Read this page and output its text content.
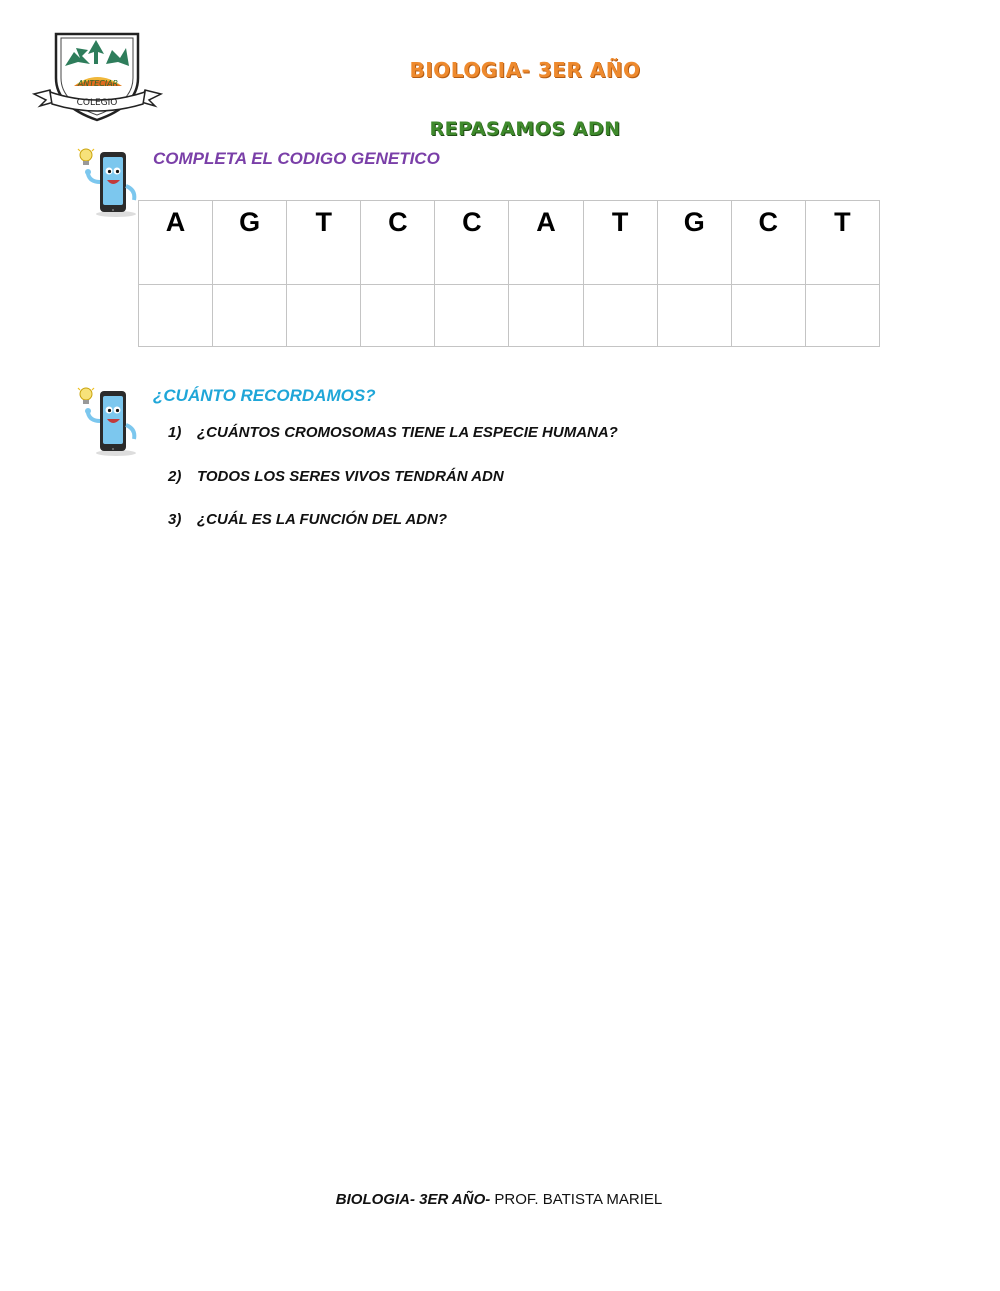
ANTECIAR
COLEGIO
BIOLOGIA- 3ER AÑO
REPASAMOS ADN
COMPLETA EL CODIGO GENETICO
A	G	T	C	C	A	T	G	C	T

¿CUÁNTO RECORDAMOS?
1)	¿CUÁNTOS CROMOSOMAS TIENE LA ESPECIE HUMANA?
2)	TODOS LOS SERES VIVOS TENDRÁN ADN
3)	¿CUÁL ES LA FUNCIÓN DEL ADN?
BIOLOGIA- 3ER AÑO- PROF. BATISTA MARIEL
